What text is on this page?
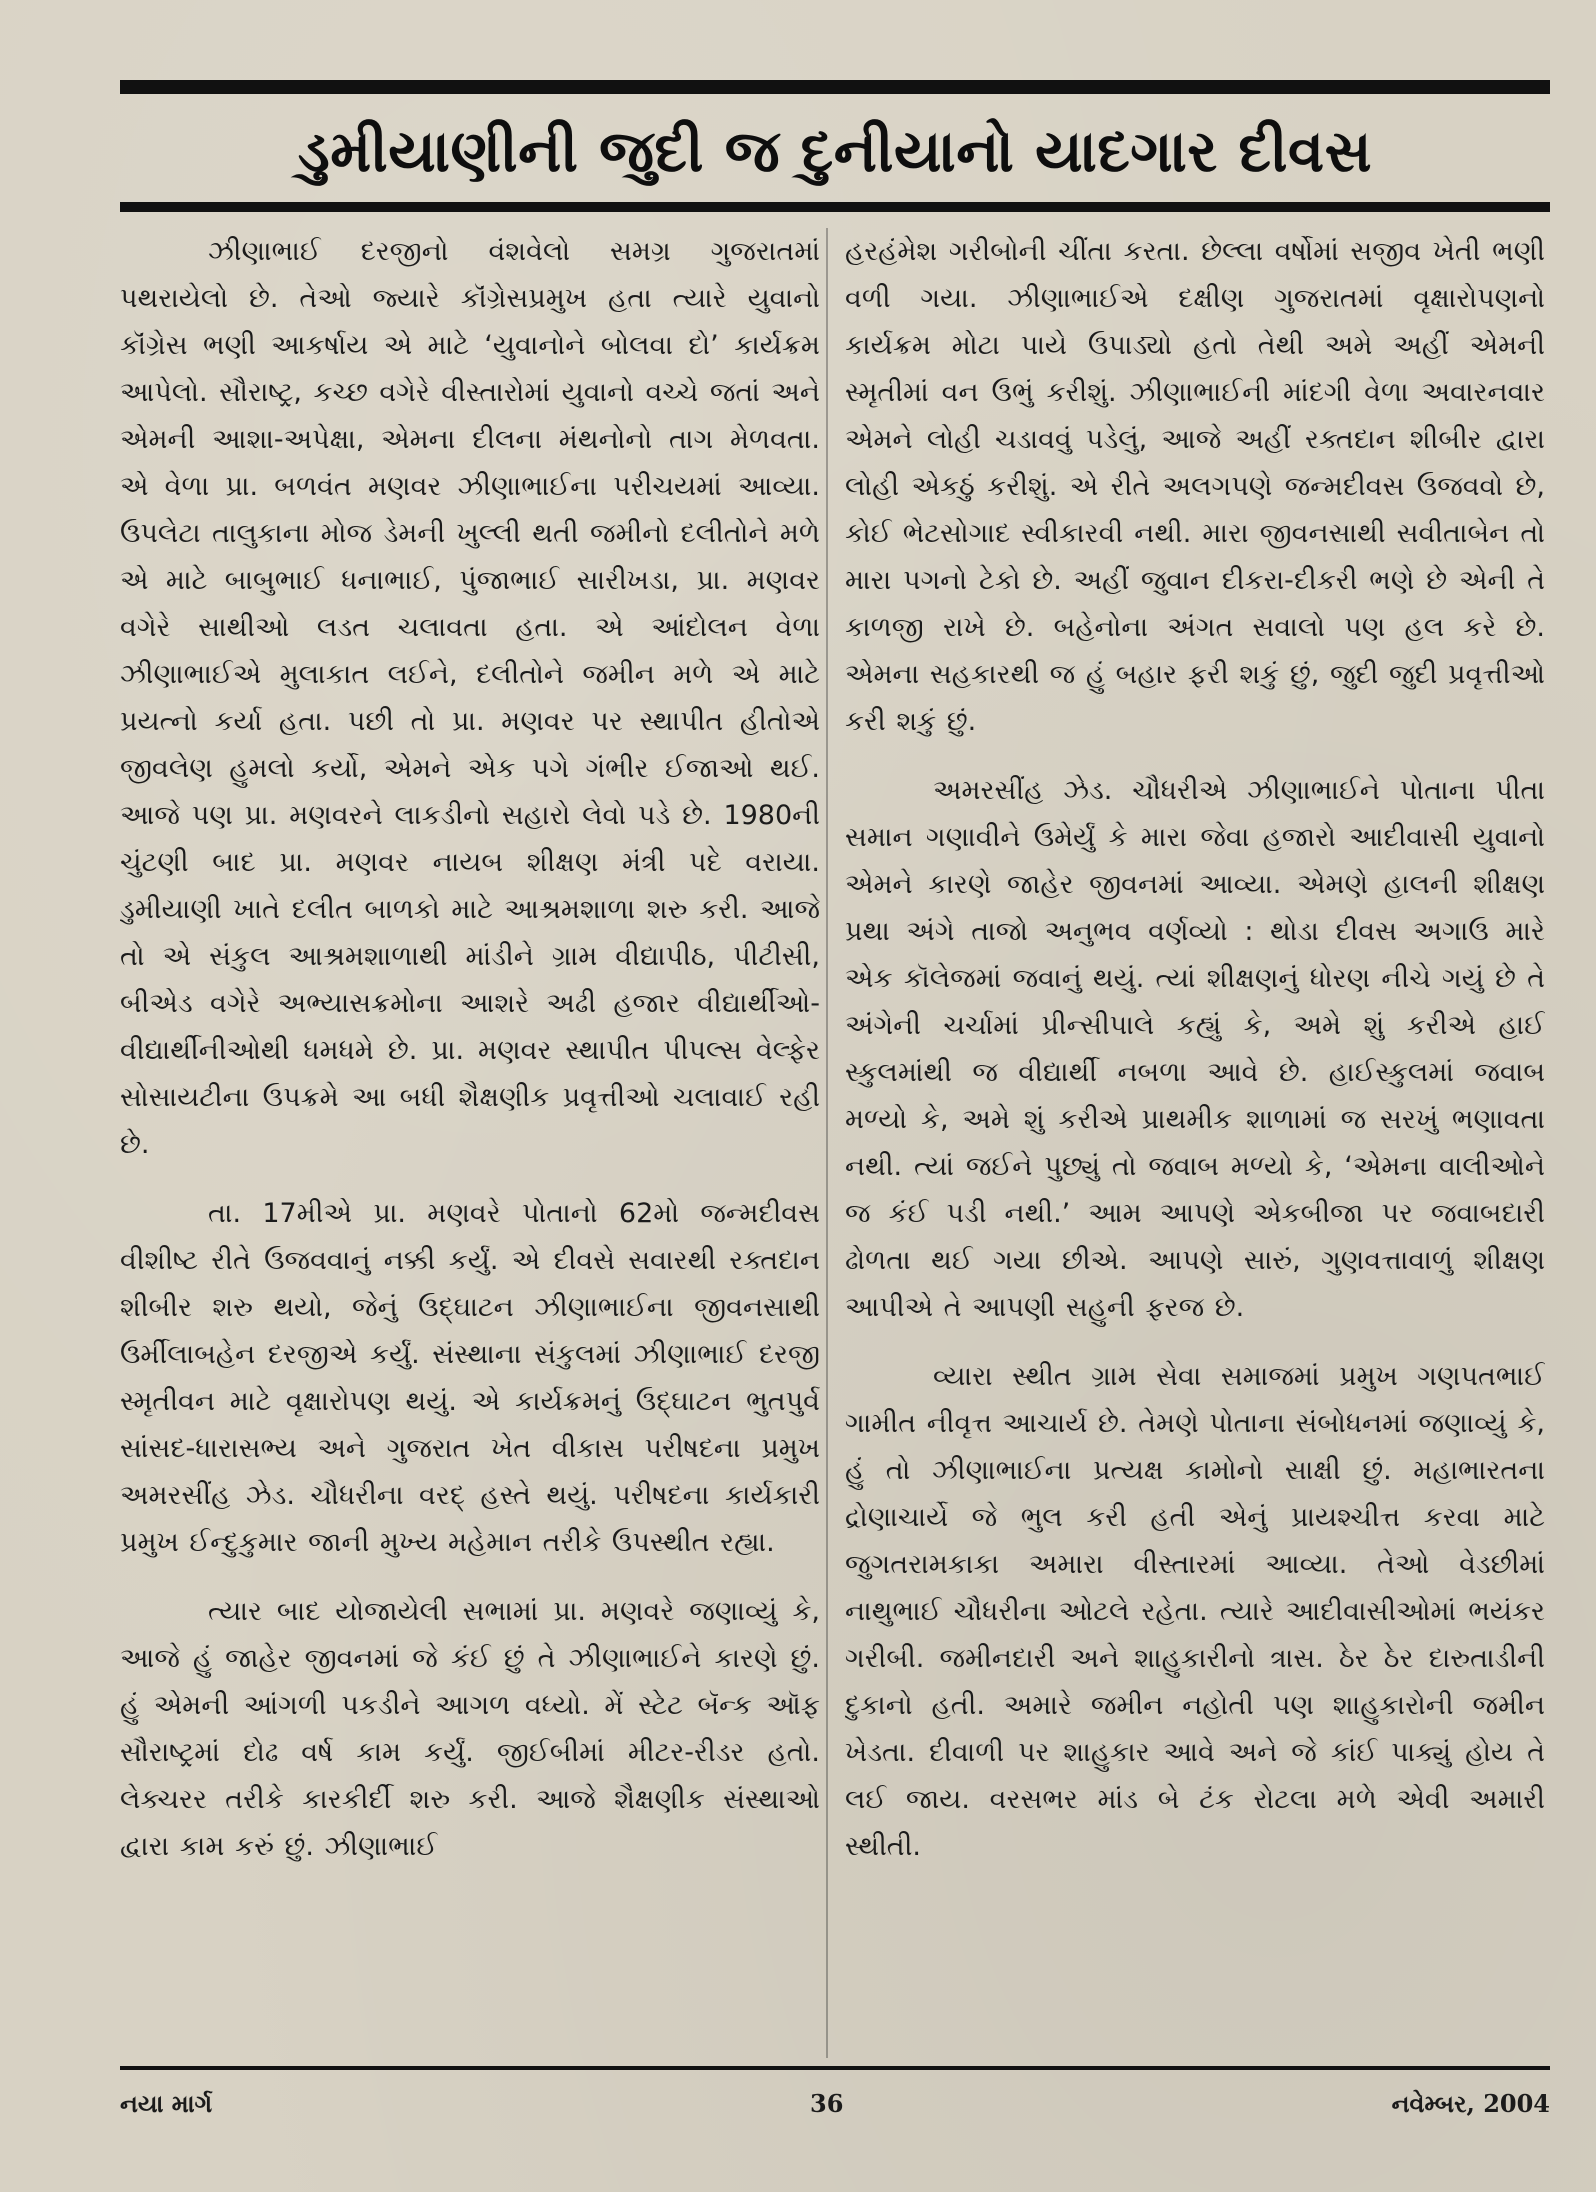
ડુમીયાણીની જુદી જ દુનીયાનો યાદગાર દીવસ

ઝીણાભાઈ દરજીનો વંશવેલો સમગ્ર ગુજરાતમાં પથરાયેલો છે. તેઓ જ્યારે કૉંગ્રેસપ્રમુખ હતા ત્યારે યુવાનો કૉંગ્રેસ ભણી આકર્ષાય એ માટે ‘યુવાનોને બોલવા દો’ કાર્યક્રમ આપેલો. સૌરાષ્ટ્ર, કચ્છ વગેરે વીસ્તારોમાં યુવાનો વચ્ચે જતાં અને એમની આશા-અપેક્ષા, એમના દીલના મંથનોનો તાગ મેળવતા. એ વેળા પ્રા. બળવંત મણવર ઝીણાભાઈના પરીચયમાં આવ્યા. ઉપલેટા તાલુકાના મોજ ડેમની ખુલ્લી થતી જમીનો દલીતોને મળે એ માટે બાબુભાઈ ધનાભાઈ, પુંજાભાઈ સારીખડા, પ્રા. મણવર વગેરે સાથીઓ લડત ચલાવતા હતા. એ આંદોલન વેળા ઝીણાભાઈએ મુલાકાત લઈને, દલીતોને જમીન મળે એ માટે પ્રયત્નો કર્યા હતા. પછી તો પ્રા. મણવર પર સ્થાપીત હીતોએ જીવલેણ હુમલો કર્યો, એમને એક પગે ગંભીર ઈજાઓ થઈ. આજે પણ પ્રા. મણવરને લાકડીનો સહારો લેવો પડે છે. 1980ની ચુંટણી બાદ પ્રા. મણવર નાયબ શીક્ષણ મંત્રી પદે વરાયા. ડુમીયાણી ખાતે દલીત બાળકો માટે આશ્રમશાળા શરુ કરી. આજે તો એ સંકુલ આશ્રમશાળાથી માંડીને ગ્રામ વીદ્યાપીઠ, પીટીસી, બીએડ વગેરે અભ્યાસક્રમોના આશરે અઢી હજાર વીદ્યાર્થીઓ-વીદ્યાર્થીનીઓથી ધમધમે છે. પ્રા. મણવર સ્થાપીત પીપલ્સ વેલ્ફેર સોસાયટીના ઉપક્રમે આ બધી શૈક્ષણીક પ્રવૃત્તીઓ ચલાવાઈ રહી છે.

તા. 17મીએ પ્રા. મણવરે પોતાનો 62મો જન્મદીવસ વીશીષ્ટ રીતે ઉજવવાનું નક્કી કર્યું. એ દીવસે સવારથી રક્તદાન શીબીર શરુ થયો, જેનું ઉદ્ઘાટન ઝીણાભાઈના જીવનસાથી ઉર્મીલાબહેન દરજીએ કર્યું. સંસ્થાના સંકુલમાં ઝીણાભાઈ દરજી સ્મૃતીવન માટે વૃક્ષારોપણ થયું. એ કાર્યક્રમનું ઉદ્ઘાટન ભુતપુર્વ સાંસદ-ધારાસભ્ય અને ગુજરાત ખેત વીકાસ પરીષદના પ્રમુખ અમરસીંહ ઝેડ. ચૌધરીના વરદ્ હસ્તે થયું. પરીષદના કાર્યકારી પ્રમુખ ઈન્દુકુમાર જાની મુખ્ય મહેમાન તરીકે ઉપસ્થીત રહ્યા.

ત્યાર બાદ યોજાયેલી સભામાં પ્રા. મણવરે જણાવ્યું કે, આજે હું જાહેર જીવનમાં જે કંઈ છું તે ઝીણાભાઈને કારણે છું. હું એમની આંગળી પકડીને આગળ વધ્યો. મેં સ્ટેટ બૅન્ક ઑફ સૌરાષ્ટ્રમાં દોઢ વર્ષ કામ કર્યું. જીઈબીમાં મીટર-રીડર હતો. લેક્ચરર તરીકે કારકીર્દી શરુ કરી. આજે શૈક્ષણીક સંસ્થાઓ દ્વારા કામ કરું છું. ઝીણાભાઈ

હરહંમેશ ગરીબોની ચીંતા કરતા. છેલ્લા વર્ષોમાં સજીવ ખેતી ભણી વળી ગયા. ઝીણાભાઈએ દક્ષીણ ગુજરાતમાં વૃક્ષારોપણનો કાર્યક્રમ મોટા પાયે ઉપાડ્યો હતો તેથી અમે અહીં એમની સ્મૃતીમાં વન ઉભું કરીશું. ઝીણાભાઈની માંદગી વેળા અવારનવાર એમને લોહી ચડાવવું પડેલું, આજે અહીં રક્તદાન શીબીર દ્વારા લોહી એકઠું કરીશું. એ રીતે અલગપણે જન્મદીવસ ઉજવવો છે, કોઈ ભેટસોગાદ સ્વીકારવી નથી. મારા જીવનસાથી સવીતાબેન તો મારા પગનો ટેકો છે. અહીં જુવાન દીકરા-દીકરી ભણે છે એની તે કાળજી રાખે છે. બહેનોના અંગત સવાલો પણ હલ કરે છે. એમના સહકારથી જ હું બહાર ફરી શકું છું, જુદી જુદી પ્રવૃત્તીઓ કરી શકું છું.

અમરસીંહ ઝેડ. ચૌધરીએ ઝીણાભાઈને પોતાના પીતા સમાન ગણાવીને ઉમેર્યું કે મારા જેવા હજારો આદીવાસી યુવાનો એમને કારણે જાહેર જીવનમાં આવ્યા. એમણે હાલની શીક્ષણ પ્રથા અંગે તાજો અનુભવ વર્ણવ્યો : થોડા દીવસ અગાઉ મારે એક કૉલેજમાં જવાનું થયું. ત્યાં શીક્ષણનું ધોરણ નીચે ગયું છે તે અંગેની ચર્ચામાં પ્રીન્સીપાલે કહ્યું કે, અમે શું કરીએ હાઈ સ્કુલમાંથી જ વીદ્યાર્થી નબળા આવે છે. હાઈસ્કુલમાં જવાબ મળ્યો કે, અમે શું કરીએ પ્રાથમીક શાળામાં જ સરખું ભણાવતા નથી. ત્યાં જઈને પુછ્યું તો જવાબ મળ્યો કે, ‘એમના વાલીઓને જ કંઈ પડી નથી.’ આમ આપણે એકબીજા પર જવાબદારી ઢોળતા થઈ ગયા છીએ. આપણે સારું, ગુણવત્તાવાળું શીક્ષણ આપીએ તે આપણી સહુની ફરજ છે.

વ્યારા સ્થીત ગ્રામ સેવા સમાજમાં પ્રમુખ ગણપતભાઈ ગામીત નીવૃત્ત આચાર્ય છે. તેમણે પોતાના સંબોધનમાં જણાવ્યું કે, હું તો ઝીણાભાઈના પ્રત્યક્ષ કામોનો સાક્ષી છું. મહાભારતના દ્રોણાચાર્યે જે ભુલ કરી હતી એનું પ્રાયશ્ચીત્ત કરવા માટે જુગતરામકાકા અમારા વીસ્તારમાં આવ્યા. તેઓ વેડછીમાં નાથુભાઈ ચૌધરીના ઓટલે રહેતા. ત્યારે આદીવાસીઓમાં ભયંકર ગરીબી. જમીનદારી અને શાહુકારીનો ત્રાસ. ઠેર ઠેર દારુતાડીની દુકાનો હતી. અમારે જમીન નહોતી પણ શાહુકારોની જમીન ખેડતા. દીવાળી પર શાહુકાર આવે અને જે કાંઈ પાક્યું હોય તે લઈ જાય. વરસભર માંડ બે ટંક રોટલા મળે એવી અમારી સ્થીતી.

નયા માર્ગ	36	નવેમ્બર, 2004
